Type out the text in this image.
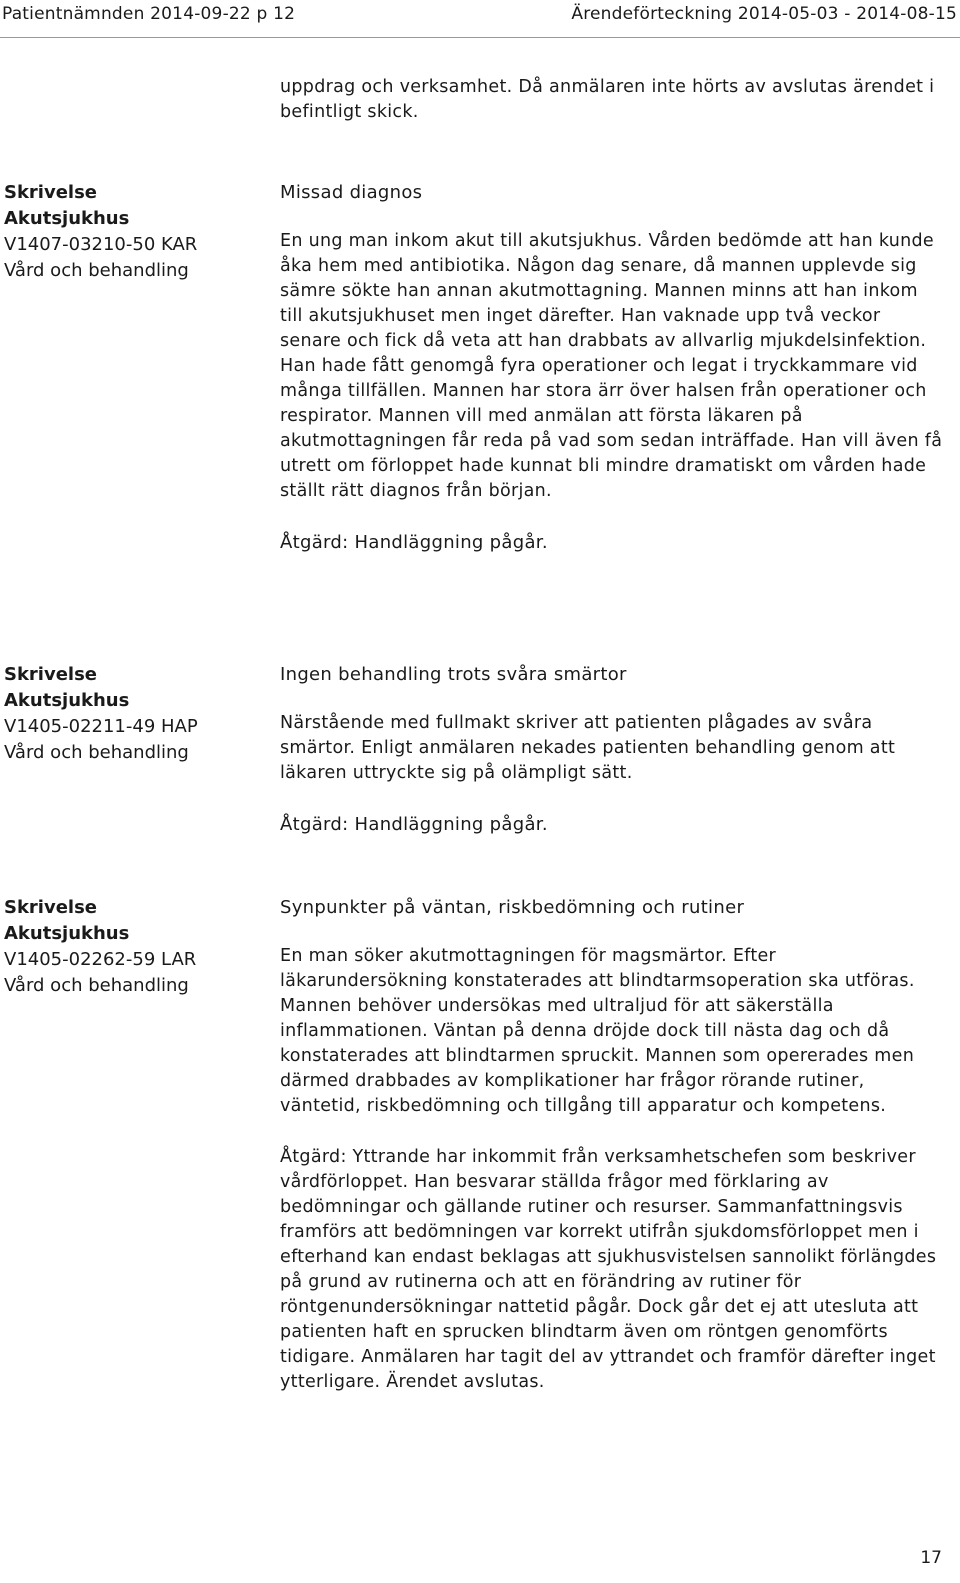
Patientnämnden 2014-09-22 p 12	Ärendeförteckning 2014-05-03 - 2014-08-15
uppdrag och verksamhet. Då anmälaren inte hörts av avslutas ärendet i befintligt skick.
Skrivelse
Akutsjukhus
V1407-03210-50 KAR
Vård och behandling
Missad diagnos
En ung man inkom akut till akutsjukhus. Vården bedömde att han kunde åka hem med antibiotika. Någon dag senare, då mannen upplevde sig sämre sökte han annan akutmottagning. Mannen minns att han inkom till akutsjukhuset men inget därefter. Han vaknade upp två veckor senare och fick då veta att han drabbats av allvarlig mjukdelsinfektion. Han hade fått genomgå fyra operationer och legat i tryckkammare vid många tillfällen. Mannen har stora ärr över halsen från operationer och respirator. Mannen vill med anmälan att första läkaren på akutmottagningen får reda på vad som sedan inträffade. Han vill även få utrett om förloppet hade kunnat bli mindre dramatiskt om vården hade ställt rätt diagnos från början.
Åtgärd: Handläggning pågår.
Skrivelse
Akutsjukhus
V1405-02211-49 HAP
Vård och behandling
Ingen behandling trots svåra smärtor
Närstående med fullmakt skriver att patienten plågades av svåra smärtor. Enligt anmälaren nekades patienten behandling genom att läkaren uttryckte sig på olämpligt sätt.
Åtgärd: Handläggning pågår.
Skrivelse
Akutsjukhus
V1405-02262-59 LAR
Vård och behandling
Synpunkter på väntan, riskbedömning och rutiner
En man söker akutmottagningen för magsmärtor. Efter läkarundersökning konstaterades att blindtarmsoperation ska utföras. Mannen behöver undersökas med ultraljud för att säkerställa inflammationen. Väntan på denna dröjde dock till nästa dag och då konstaterades att blindtarmen spruckit. Mannen som opererades men därmed drabbades av komplikationer har frågor rörande rutiner, väntetid, riskbedömning och tillgång till apparatur och kompetens.
Åtgärd: Yttrande har inkommit från verksamhetschefen som beskriver vårdförloppet. Han besvarar ställda frågor med förklaring av bedömningar och gällande rutiner och resurser. Sammanfattningsvis framförs att bedömningen var korrekt utifrån sjukdomsförloppet men i efterhand kan endast beklagas att sjukhusvistelsen sannolikt förlängdes på grund av rutinerna och att en förändring av rutiner för röntgenundersökningar nattetid pågår. Dock går det ej att utesluta att patienten haft en sprucken blindtarm även om röntgen genomförts tidigare. Anmälaren har tagit del av yttrandet och framför därefter inget ytterligare. Ärendet avslutas.
17
